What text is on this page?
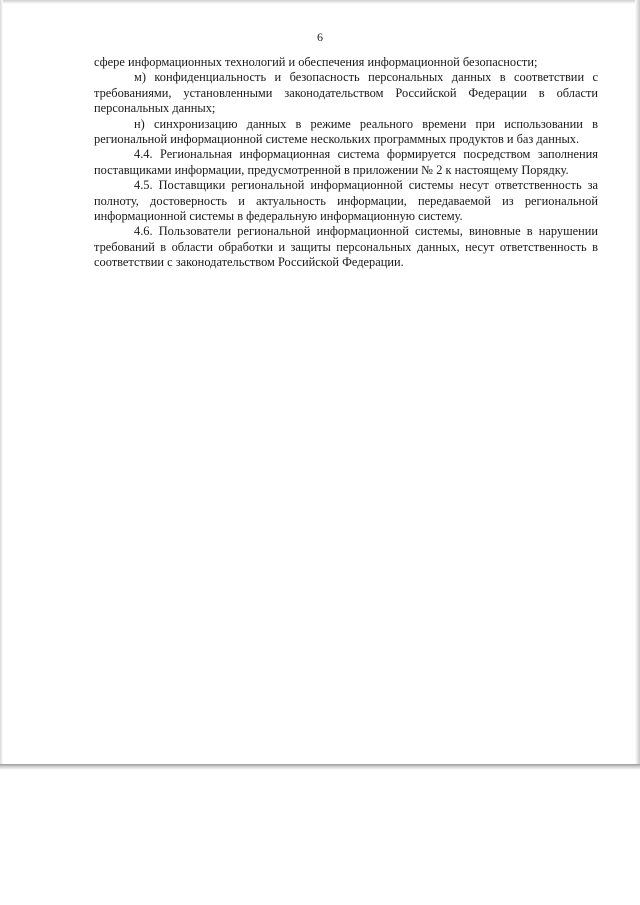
6

сфере информационных технологий и обеспечения информационной безопасности;

м) конфиденциальность и безопасность персональных данных в соответствии с требованиями, установленными законодательством Российской Федерации в области персональных данных;

н) синхронизацию данных в режиме реального времени при использовании в региональной информационной системе нескольких программных продуктов и баз данных.

4.4. Региональная информационная система формируется посредством заполнения поставщиками информации, предусмотренной в приложении № 2 к настоящему Порядку.

4.5. Поставщики региональной информационной системы несут ответственность за полноту, достоверность и актуальность информации, передаваемой из региональной информационной системы в федеральную информационную систему.

4.6. Пользователи региональной информационной системы, виновные в нарушении требований в области обработки и защиты персональных данных, несут ответственность в соответствии с законодательством Российской Федерации.
